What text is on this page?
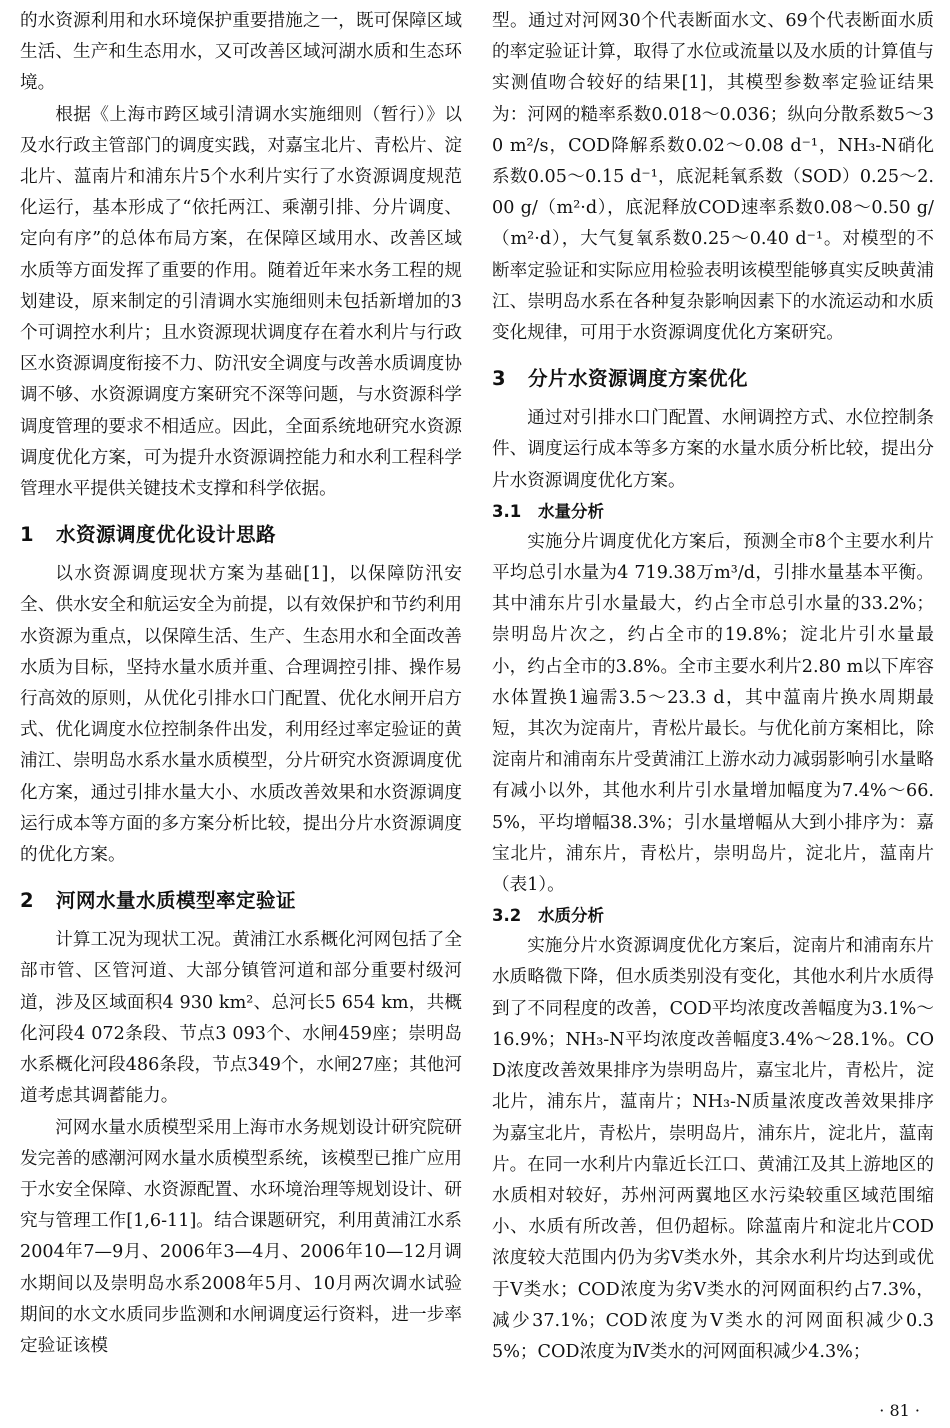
的水资源利用和水环境保护重要措施之一，既可保障区域生活、生产和生态用水，又可改善区域河湖水质和生态环境。

根据《上海市跨区域引清调水实施细则（暂行）》以及水行政主管部门的调度实践，对嘉宝北片、青松片、淀北片、蕰南片和浦东片5个水利片实行了水资源调度规范化运行，基本形成了“依托两江、乘潮引排、分片调度、定向有序”的总体布局方案，在保障区域用水、改善区域水质等方面发挥了重要的作用。随着近年来水务工程的规划建设，原来制定的引清调水实施细则未包括新增加的3个可调控水利片；且水资源现状调度存在着水利片与行政区水资源调度衔接不力、防汛安全调度与改善水质调度协调不够、水资源调度方案研究不深等问题，与水资源科学调度管理的要求不相适应。因此，全面系统地研究水资源调度优化方案，可为提升水资源调控能力和水利工程科学管理水平提供关键技术支撑和科学依据。

1 水资源调度优化设计思路

以水资源调度现状方案为基础[1]，以保障防汛安全、供水安全和航运安全为前提，以有效保护和节约利用水资源为重点，以保障生活、生产、生态用水和全面改善水质为目标，坚持水量水质并重、合理调控引排、操作易行高效的原则，从优化引排水口门配置、优化水闸开启方式、优化调度水位控制条件出发，利用经过率定验证的黄浦江、崇明岛水系水量水质模型，分片研究水资源调度优化方案，通过引排水量大小、水质改善效果和水资源调度运行成本等方面的多方案分析比较，提出分片水资源调度的优化方案。

2 河网水量水质模型率定验证

计算工况为现状工况。黄浦江水系概化河网包括了全部市管、区管河道、大部分镇管河道和部分重要村级河道，涉及区域面积4 930 km²、总河长5 654 km，共概化河段4 072条段、节点3 093个、水闸459座；崇明岛水系概化河段486条段，节点349个，水闸27座；其他河道考虑其调蓄能力。

河网水量水质模型采用上海市水务规划设计研究院研发完善的感潮河网水量水质模型系统，该模型已推广应用于水安全保障、水资源配置、水环境治理等规划设计、研究与管理工作[1,6-11]。结合课题研究，利用黄浦江水系2004年7—9月、2006年3—4月、2006年10—12月调水期间以及崇明岛水系2008年5月、10月两次调水试验期间的水文水质同步监测和水闸调度运行资料，进一步率定验证该模

型。通过对河网30个代表断面水文、69个代表断面水质的率定验证计算，取得了水位或流量以及水质的计算值与实测值吻合较好的结果[1]，其模型参数率定验证结果为：河网的糙率系数0.018～0.036；纵向分散系数5～30 m²/s，COD降解系数0.02～0.08 d⁻¹，NH₃-N硝化系数0.05～0.15 d⁻¹，底泥耗氧系数（SOD）0.25～2.00 g/（m²·d），底泥释放COD速率系数0.08～0.50 g/（m²·d），大气复氧系数0.25～0.40 d⁻¹。对模型的不断率定验证和实际应用检验表明该模型能够真实反映黄浦江、崇明岛水系在各种复杂影响因素下的水流运动和水质变化规律，可用于水资源调度优化方案研究。

3 分片水资源调度方案优化

通过对引排水口门配置、水闸调控方式、水位控制条件、调度运行成本等多方案的水量水质分析比较，提出分片水资源调度优化方案。

3.1 水量分析

实施分片调度优化方案后，预测全市8个主要水利片平均总引水量为4 719.38万m³/d，引排水量基本平衡。其中浦东片引水量最大，约占全市总引水量的33.2%；崇明岛片次之，约占全市的19.8%；淀北片引水量最小，约占全市的3.8%。全市主要水利片2.80 m以下库容水体置换1遍需3.5～23.3 d，其中蕰南片换水周期最短，其次为淀南片，青松片最长。与优化前方案相比，除淀南片和浦南东片受黄浦江上游水动力减弱影响引水量略有减小以外，其他水利片引水量增加幅度为7.4%～66.5%，平均增幅38.3%；引水量增幅从大到小排序为：嘉宝北片，浦东片，青松片，崇明岛片，淀北片，蕰南片（表1）。

3.2 水质分析

实施分片水资源调度优化方案后，淀南片和浦南东片水质略微下降，但水质类别没有变化，其他水利片水质得到了不同程度的改善，COD平均浓度改善幅度为3.1%～16.9%；NH₃-N平均浓度改善幅度3.4%～28.1%。COD浓度改善效果排序为崇明岛片，嘉宝北片，青松片，淀北片，浦东片，蕰南片；NH₃-N质量浓度改善效果排序为嘉宝北片，青松片，崇明岛片，浦东片，淀北片，蕰南片。在同一水利片内靠近长江口、黄浦江及其上游地区的水质相对较好，苏州河两翼地区水污染较重区域范围缩小、水质有所改善，但仍超标。除蕰南片和淀北片COD浓度较大范围内仍为劣Ⅴ类水外，其余水利片均达到或优于Ⅴ类水；COD浓度为劣Ⅴ类水的河网面积约占7.3%，减少37.1%；COD浓度为Ⅴ类水的河网面积减少0.35%；COD浓度为Ⅳ类水的河网面积减少4.3%；

· 81 ·
